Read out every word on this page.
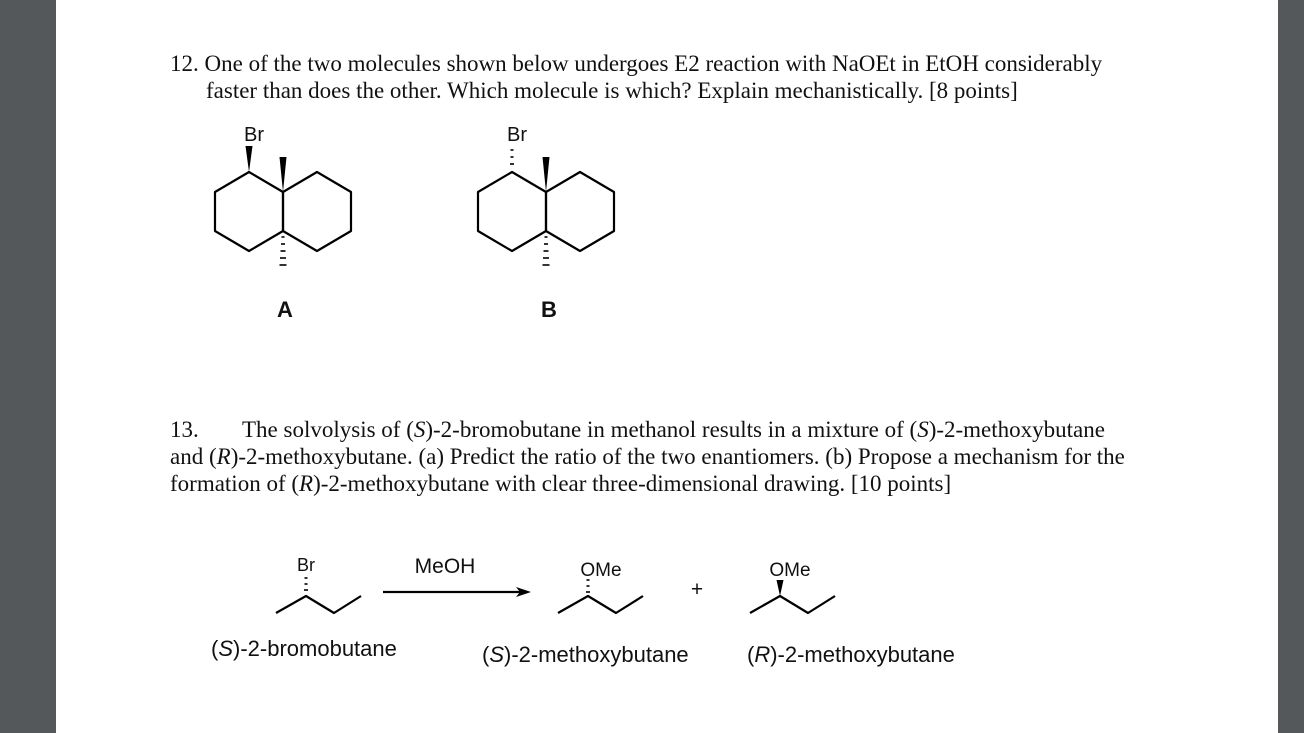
12. One of the two molecules shown below undergoes E2 reaction with NaOEt in EtOH considerably
faster than does the other. Which molecule is which? Explain mechanistically. [8 points]
13. The solvolysis of (S)-2-bromobutane in methanol results in a mixture of (S)-2-methoxybutane
and (R)-2-methoxybutane. (a) Predict the ratio of the two enantiomers. (b) Propose a mechanism for the
formation of (R)-2-methoxybutane with clear three-dimensional drawing. [10 points]
Br
A
Br
B
Br	MeOH	OMe
+
OMe
(S)-2-bromobutane	(S)-2-methoxybutane	(R)-2-methoxybutane
